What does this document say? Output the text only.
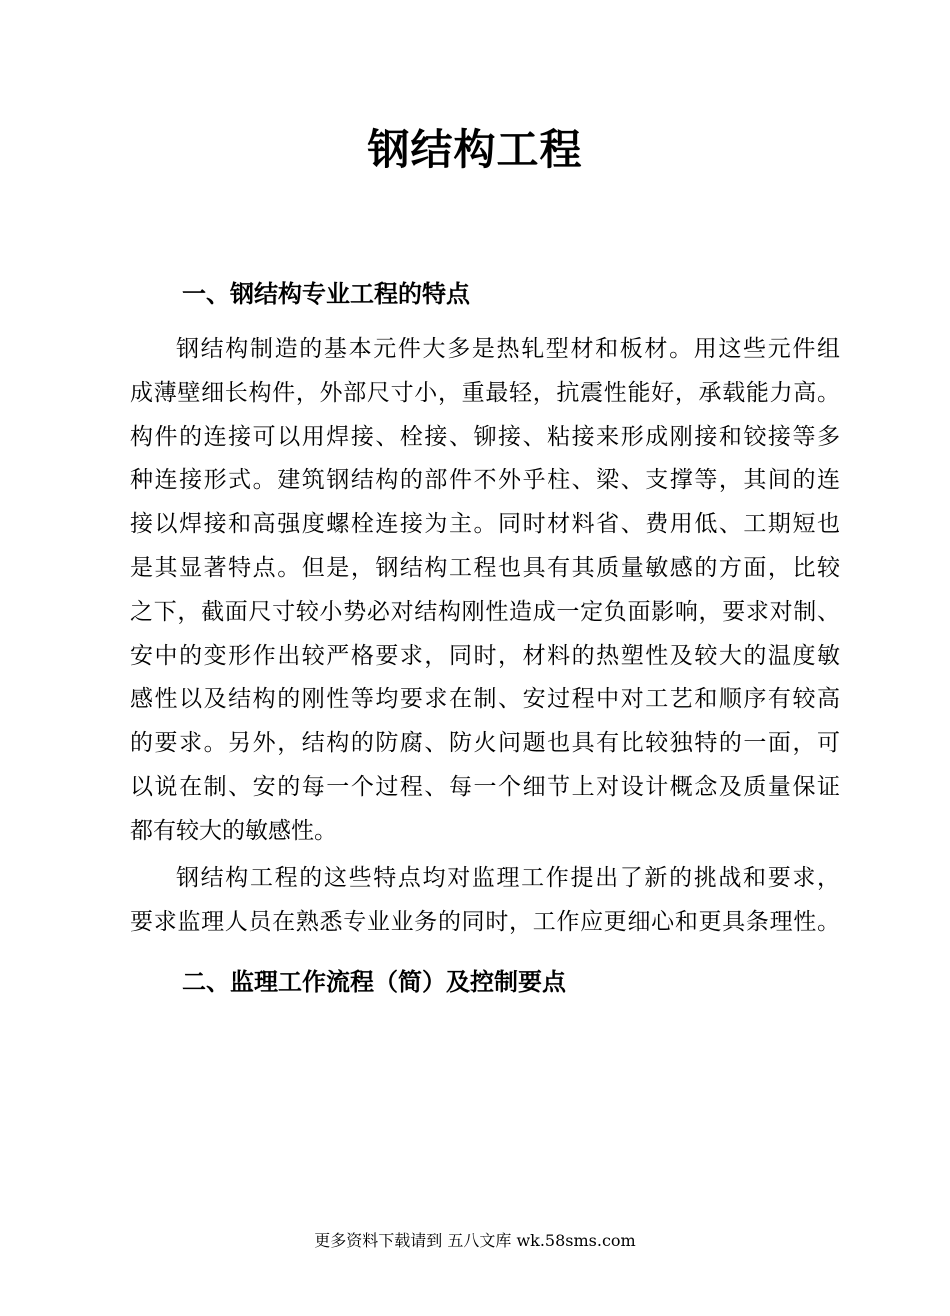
钢结构工程
一、钢结构专业工程的特点
钢结构制造的基本元件大多是热轧型材和板材。用这些元件组
成薄壁细长构件，外部尺寸小，重最轻，抗震性能好，承载能力高。
构件的连接可以用焊接、栓接、铆接、粘接来形成刚接和铰接等多
种连接形式。建筑钢结构的部件不外乎柱、梁、支撑等，其间的连
接以焊接和高强度螺栓连接为主。同时材料省、费用低、工期短也
是其显著特点。但是，钢结构工程也具有其质量敏感的方面，比较
之下，截面尺寸较小势必对结构刚性造成一定负面影响，要求对制、
安中的变形作出较严格要求，同时，材料的热塑性及较大的温度敏
感性以及结构的刚性等均要求在制、安过程中对工艺和顺序有较高
的要求。另外，结构的防腐、防火问题也具有比较独特的一面，可
以说在制、安的每一个过程、每一个细节上对设计概念及质量保证
都有较大的敏感性。
钢结构工程的这些特点均对监理工作提出了新的挑战和要求，
要求监理人员在熟悉专业业务的同时，工作应更细心和更具条理性。
二、监理工作流程（简）及控制要点

更多资料下载请到 五八文库 wk.58sms.com
